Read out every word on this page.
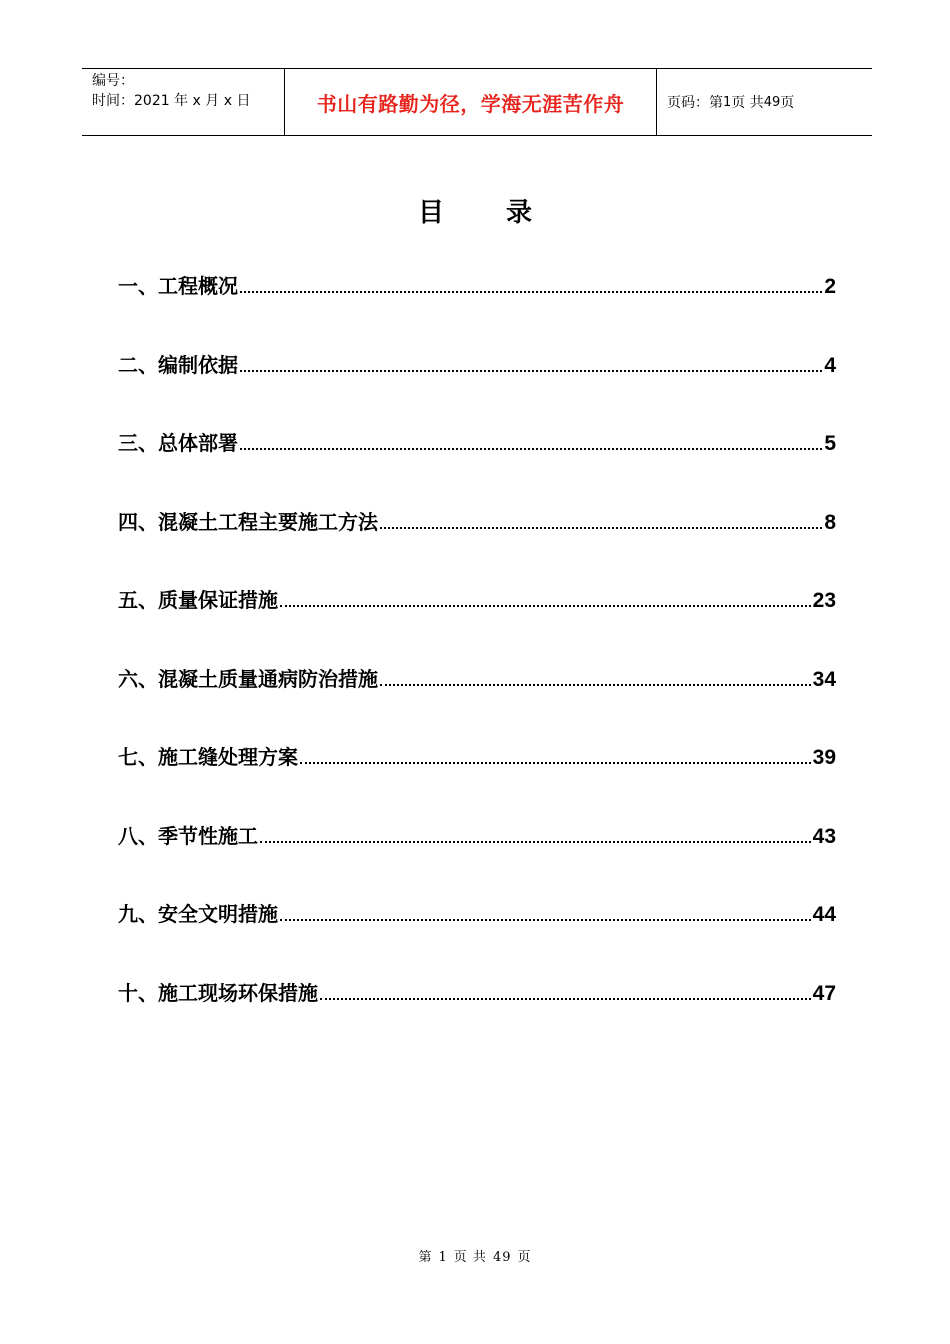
编号：
时间：2021 年 x 月 x 日	书山有路勤为径，学海无涯苦作舟	页码：第 1 页 共 49 页
目 录
一、工程概况	2
二、编制依据	4
三、总体部署	5
四、混凝土工程主要施工方法	8
五、质量保证措施	23
六、混凝土质量通病防治措施	34
七、施工缝处理方案	39
八、季节性施工	43
九、安全文明措施	44
十、施工现场环保措施	47
第 1 页 共 49 页
